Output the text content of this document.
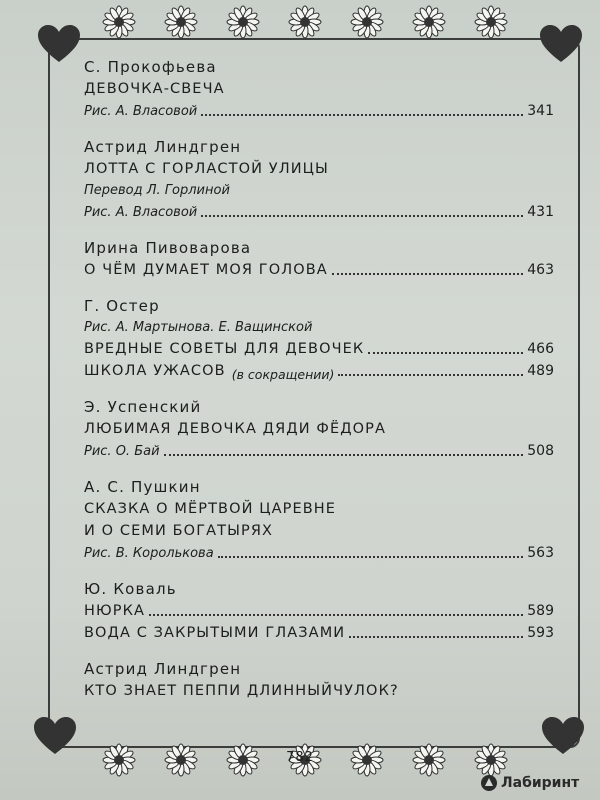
С. Прокофьева
ДЕВОЧКА-СВЕЧА
Рис. А. Власовой	341
Астрид Линдгрен
ЛОТТА С ГОРЛАСТОЙ УЛИЦЫ
Перевод Л. Горлиной
Рис. А. Власовой	431
Ирина Пивоварова
О ЧЁМ ДУМАЕТ МОЯ ГОЛОВА	463
Г. Остер
Рис. А. Мартынова. Е. Ващинской
ВРЕДНЫЕ СОВЕТЫ ДЛЯ ДЕВОЧЕК	466
ШКОЛА УЖАСОВ (в сокращении)	489
Э. Успенский
ЛЮБИМАЯ ДЕВОЧКА ДЯДИ ФЁДОРА
Рис. О. Бай	508
А. С. Пушкин
СКАЗКА О МЁРТВОЙ ЦАРЕВНЕ
И О СЕМИ БОГАТЫРЯХ
Рис. В. Королькова	563
Ю. Коваль
НЮРКА	589
ВОДА С ЗАКРЫТЫМИ ГЛАЗАМИ	593
Астрид Линдгрен
КТО ЗНАЕТ ПЕППИ ДЛИННЫЙЧУЛОК?
782
Лабиринт
